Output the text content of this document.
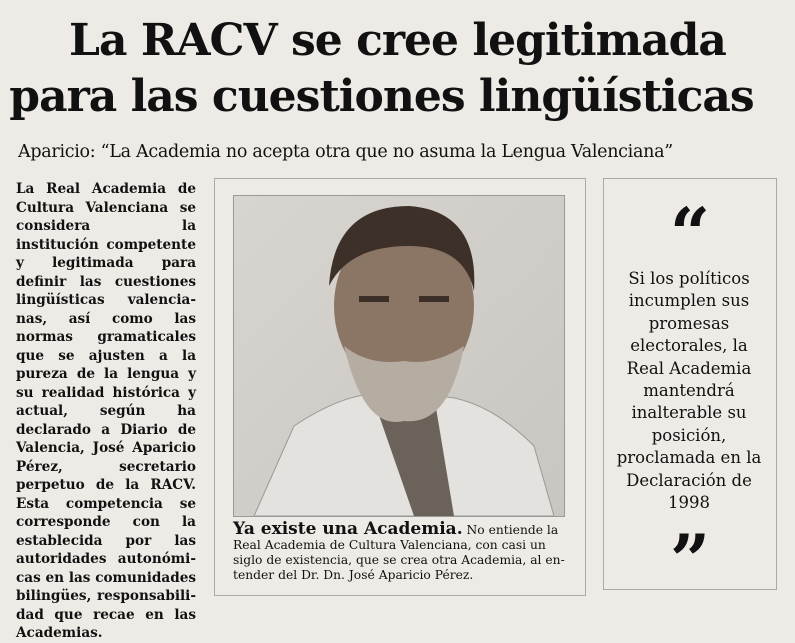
La RACV se cree legitimada
para las cuestiones lingüísticas
Aparicio: “La Academia no acepta otra que no asuma la Lengua Valenciana”
La Real Academia de Cultura Valenciana se considera la institución competente y legitimada para definir las cuestiones lingüísticas valencianas, así como las normas gramaticales que se ajusten a la pureza de la lengua y su realidad histórica y actual, según ha declarado a Diario de Valencia, José Aparicio Pérez, secretario perpetuo de la RACV. Esta competencia se corresponde con la establecida por las autoridades autonómicas en las comunidades bilingües, responsabilidad que recae en las Academias.
Ya existe una Academia. No entiende la Real Academia de Cultura Valenciana, con casi un siglo de existencia, que se crea otra Academia, al entender del Dr. Dn. José Aparicio Pérez.
“
”
Si los políticos incumplen sus promesas electorales, la Real Academia mantendrá inalterable su posición, proclamada en la Declaración de 1998
